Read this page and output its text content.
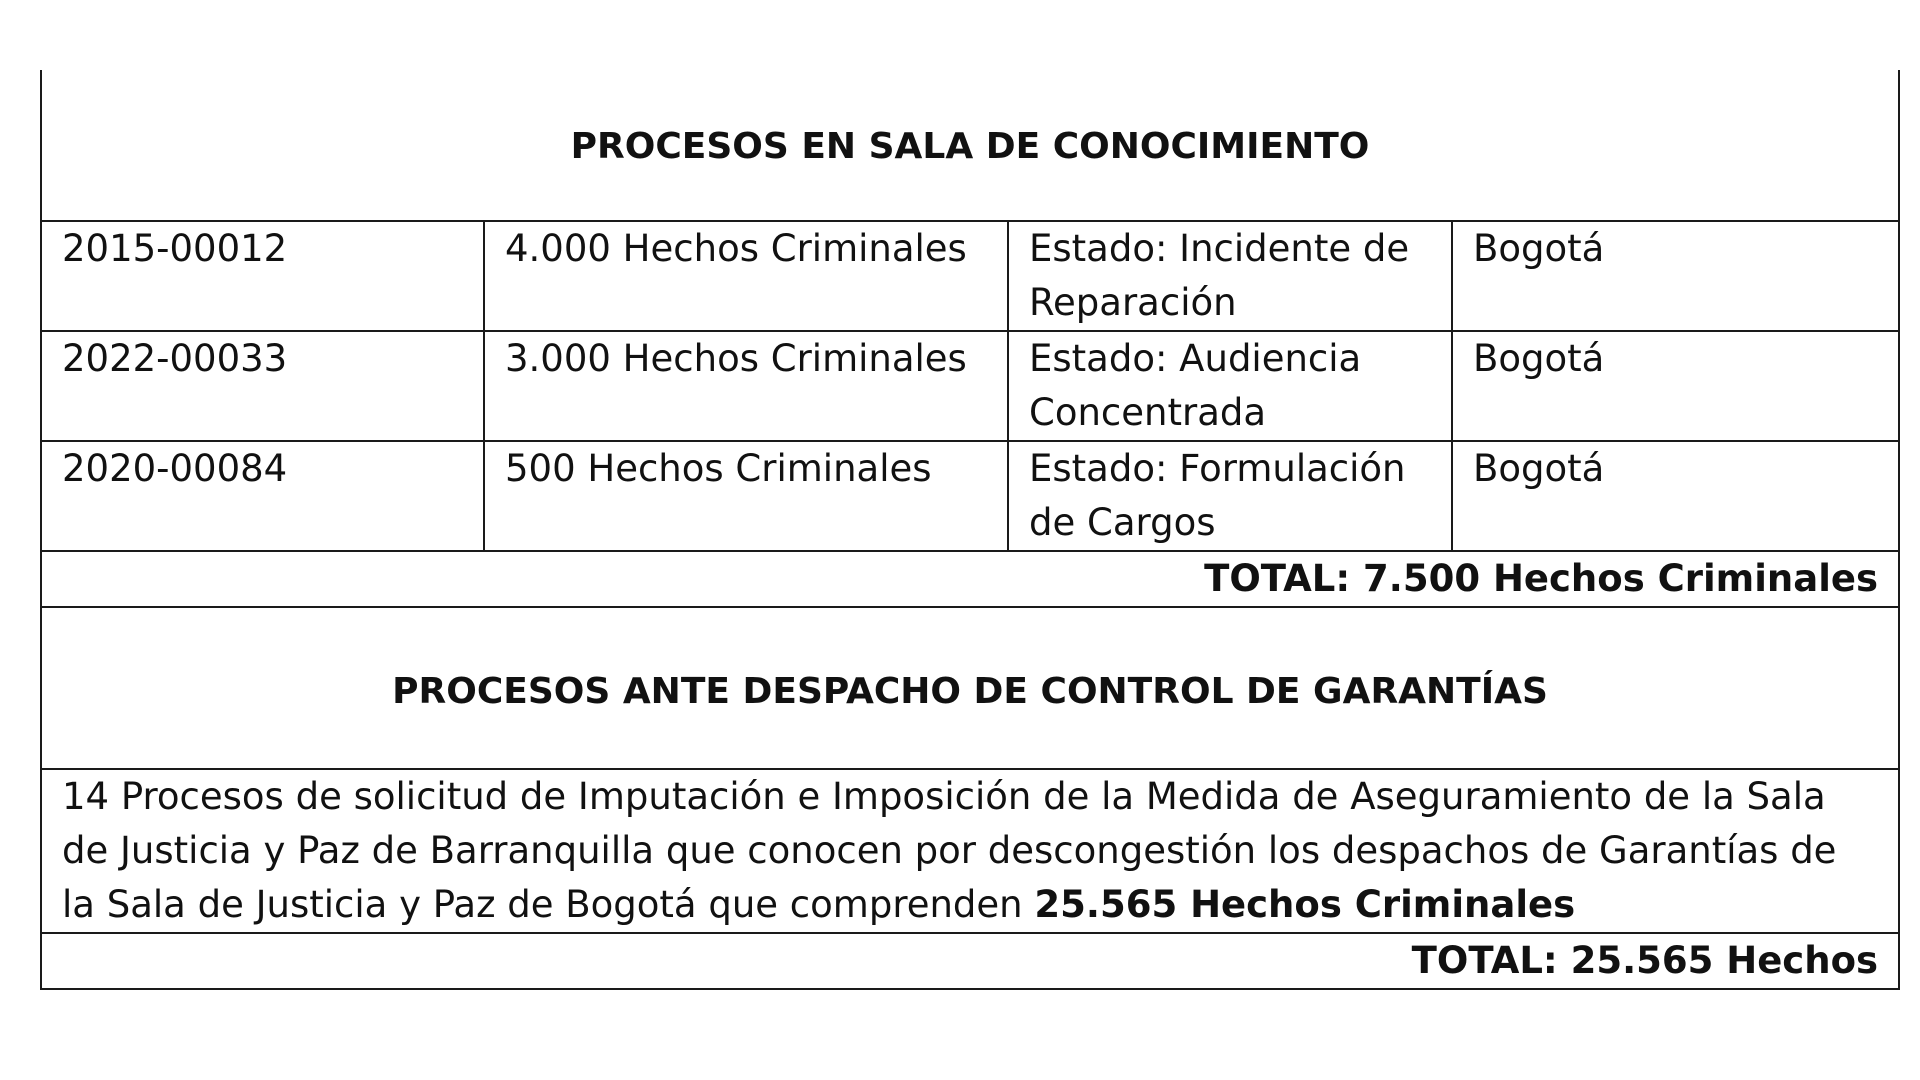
PROCESOS EN SALA DE CONOCIMIENTO			
2015-00012	4.000 Hechos Criminales	Estado: Incidente de Reparación	Bogotá
2022-00033	3.000 Hechos Criminales	Estado: Audiencia Concentrada	Bogotá
2020-00084	500 Hechos Criminales	Estado: Formulación de Cargos	Bogotá
TOTAL: 7.500 Hechos Criminales			
PROCESOS ANTE DESPACHO DE CONTROL DE GARANTÍAS			
14 Procesos de solicitud de Imputación e Imposición de la Medida de Aseguramiento de la Sala de Justicia y Paz de Barranquilla que conocen por descongestión los despachos de Garantías de la Sala de Justicia y Paz de Bogotá que comprenden 25.565 Hechos Criminales			
TOTAL: 25.565 Hechos			
